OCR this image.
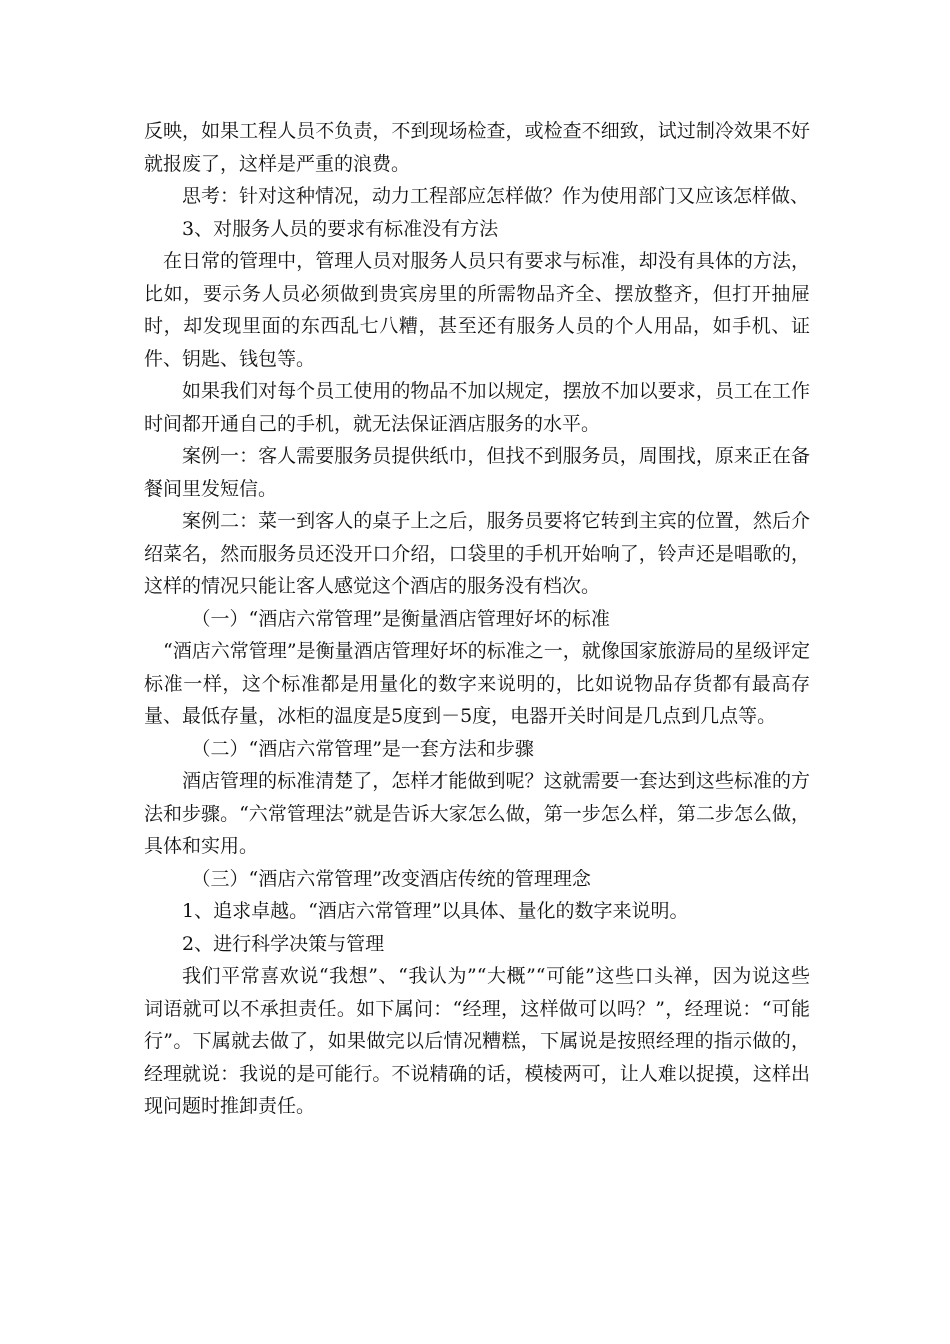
反映，如果工程人员不负责，不到现场检查，或检查不细致，试过制冷效果不好就报废了，这样是严重的浪费。

思考：针对这种情况，动力工程部应怎样做？作为使用部门又应该怎样做、

3、对服务人员的要求有标准没有方法

在日常的管理中，管理人员对服务人员只有要求与标准，却没有具体的方法，比如，要示务人员必须做到贵宾房里的所需物品齐全、摆放整齐，但打开抽屉时，却发现里面的东西乱七八糟，甚至还有服务人员的个人用品，如手机、证件、钥匙、钱包等。

如果我们对每个员工使用的物品不加以规定，摆放不加以要求，员工在工作时间都开通自己的手机，就无法保证酒店服务的水平。

案例一：客人需要服务员提供纸巾，但找不到服务员，周围找，原来正在备餐间里发短信。

案例二：菜一到客人的桌子上之后，服务员要将它转到主宾的位置，然后介绍菜名，然而服务员还没开口介绍，口袋里的手机开始响了，铃声还是唱歌的，这样的情况只能让客人感觉这个酒店的服务没有档次。

（一）“酒店六常管理”是衡量酒店管理好坏的标准

“酒店六常管理”是衡量酒店管理好坏的标准之一，就像国家旅游局的星级评定标准一样，这个标准都是用量化的数字来说明的，比如说物品存货都有最高存量、最低存量，冰柜的温度是5度到－5度，电器开关时间是几点到几点等。

（二）“酒店六常管理”是一套方法和步骤

酒店管理的标准清楚了，怎样才能做到呢？这就需要一套达到这些标准的方法和步骤。“六常管理法”就是告诉大家怎么做，第一步怎么样，第二步怎么做，具体和实用。

（三）“酒店六常管理”改变酒店传统的管理理念

1、追求卓越。“酒店六常管理”以具体、量化的数字来说明。

2、进行科学决策与管理

我们平常喜欢说“我想”、“我认为”“大概”“可能”这些口头禅，因为说这些词语就可以不承担责任。如下属问：“经理，这样做可以吗？”，经理说：“可能行”。下属就去做了，如果做完以后情况糟糕，下属说是按照经理的指示做的，经理就说：我说的是可能行。不说精确的话，模棱两可，让人难以捉摸，这样出现问题时推卸责任。
